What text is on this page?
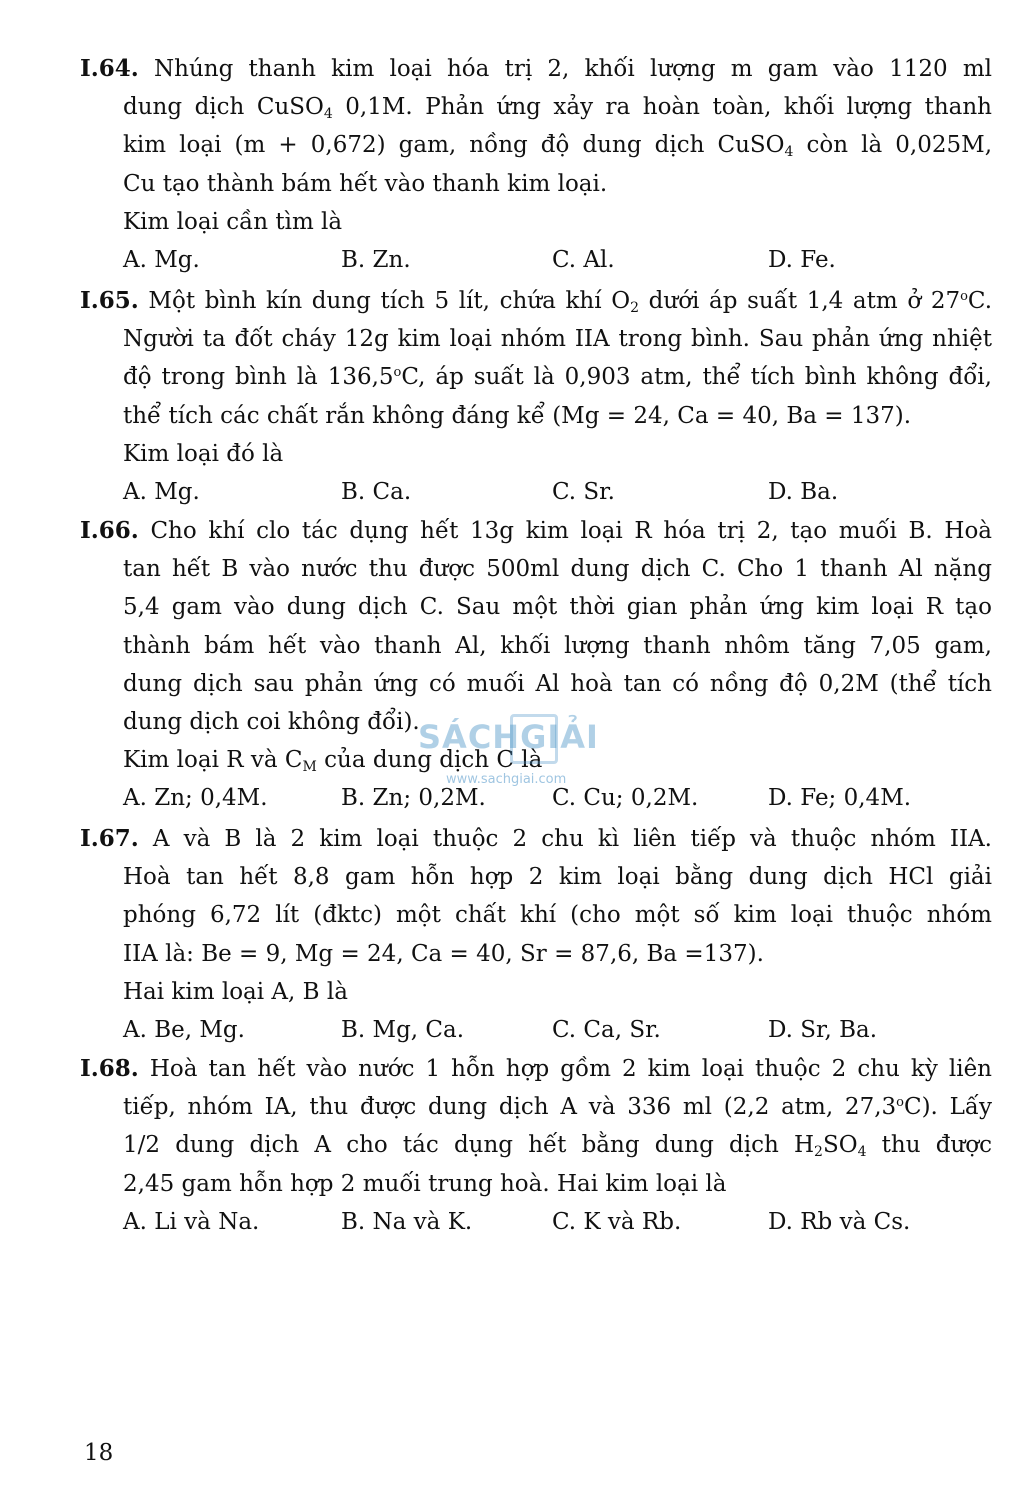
I.64. Nhúng thanh kim loại hóa trị 2, khối lượng m gam vào 1120 ml
dung dịch CuSO$_4$ 0,1M. Phản ứng xảy ra hoàn toàn, khối lượng thanh
kim loại (m + 0,672) gam, nồng độ dung dịch CuSO$_4$ còn là 0,025M,
Cu tạo thành bám hết vào thanh kim loại.
Kim loại cần tìm là
A. Mg.	B. Zn.	C. Al.	D. Fe.
I.65. Một bình kín dung tích 5 lít, chứa khí $O_2$ dưới áp suất 1,4 atm ở 27$^o$C.
Người ta đốt cháy 12g kim loại nhóm IIA trong bình. Sau phản ứng nhiệt
độ trong bình là 136,5$^o$C, áp suất là 0,903 atm, thể tích bình không đổi,
thể tích các chất rắn không đáng kể (Mg = 24, Ca = 40, Ba = 137).
Kim loại đó là
A. Mg.	B. Ca.	C. Sr.	D. Ba.
I.66. Cho khí clo tác dụng hết 13g kim loại R hóa trị 2, tạo muối B. Hoà
tan hết B vào nước thu được 500ml dung dịch C. Cho 1 thanh Al nặng
5,4 gam vào dung dịch C. Sau một thời gian phản ứng kim loại R tạo
thành bám hết vào thanh Al, khối lượng thanh nhôm tăng 7,05 gam,
dung dịch sau phản ứng có muối Al hoà tan có nồng độ 0,2M (thể tích
dung dịch coi không đổi).
Kim loại R và $C_M$ của dung dịch C là
A. Zn; 0,4M.	B. Zn; 0,2M.	C. Cu; 0,2M.	D. Fe; 0,4M.
I.67. A và B là 2 kim loại thuộc 2 chu kì liên tiếp và thuộc nhóm IIA.
Hoà tan hết 8,8 gam hỗn hợp 2 kim loại bằng dung dịch HCl giải
phóng 6,72 lít (đktc) một chất khí (cho một số kim loại thuộc nhóm
IIA là: Be = 9, Mg = 24, Ca = 40, Sr = 87,6, Ba =137).
Hai kim loại A, B là
A. Be, Mg.	B. Mg, Ca.	C. Ca, Sr.	D. Sr, Ba.
I.68. Hoà tan hết vào nước 1 hỗn hợp gồm 2 kim loại thuộc 2 chu kỳ liên
tiếp, nhóm IA, thu được dung dịch A và 336 ml (2,2 atm, 27,3$^o$C). Lấy
1/2 dung dịch A cho tác dụng hết bằng dung dịch $H_2SO_4$ thu được
2,45 gam hỗn hợp 2 muối trung hoà. Hai kim loại là
A. Li và Na.	B. Na và K.	C. K và Rb.	D. Rb và Cs.
SÁCHGIẢI
www.sachgiai.com
18
